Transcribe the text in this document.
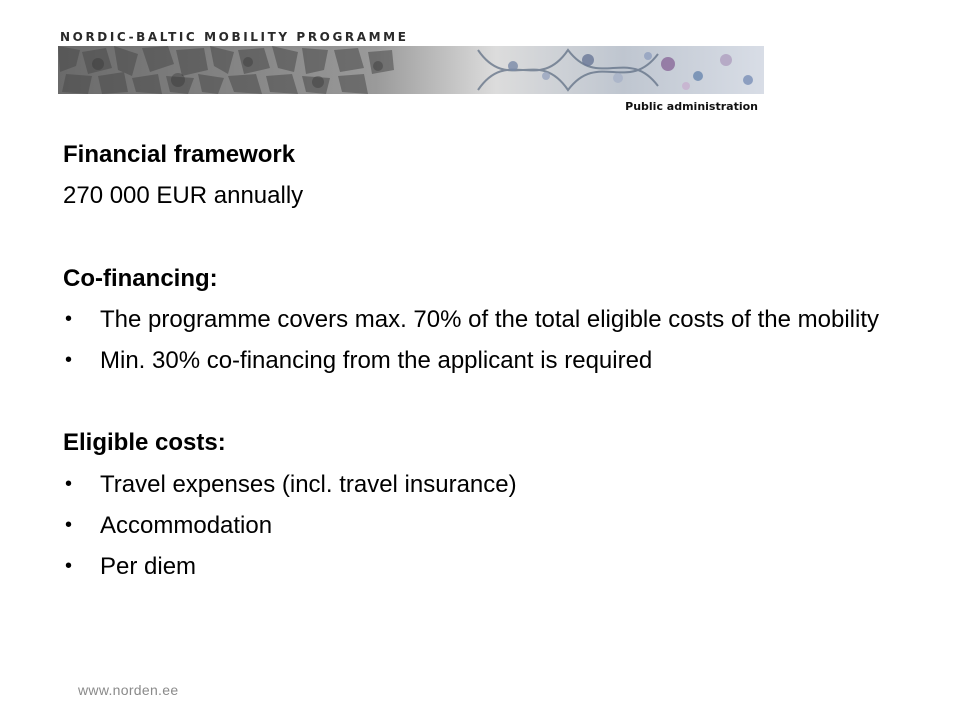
NORDIC-BALTIC MOBILITY PROGRAMME
Public administration

Financial framework

270 000 EUR annually

Co-financing:

• The programme covers max. 70% of the total eligible costs of the mobility
• Min. 30% co-financing from the applicant is required

Eligible costs:

• Travel expenses (incl. travel insurance)
• Accommodation
• Per diem
www.norden.ee
